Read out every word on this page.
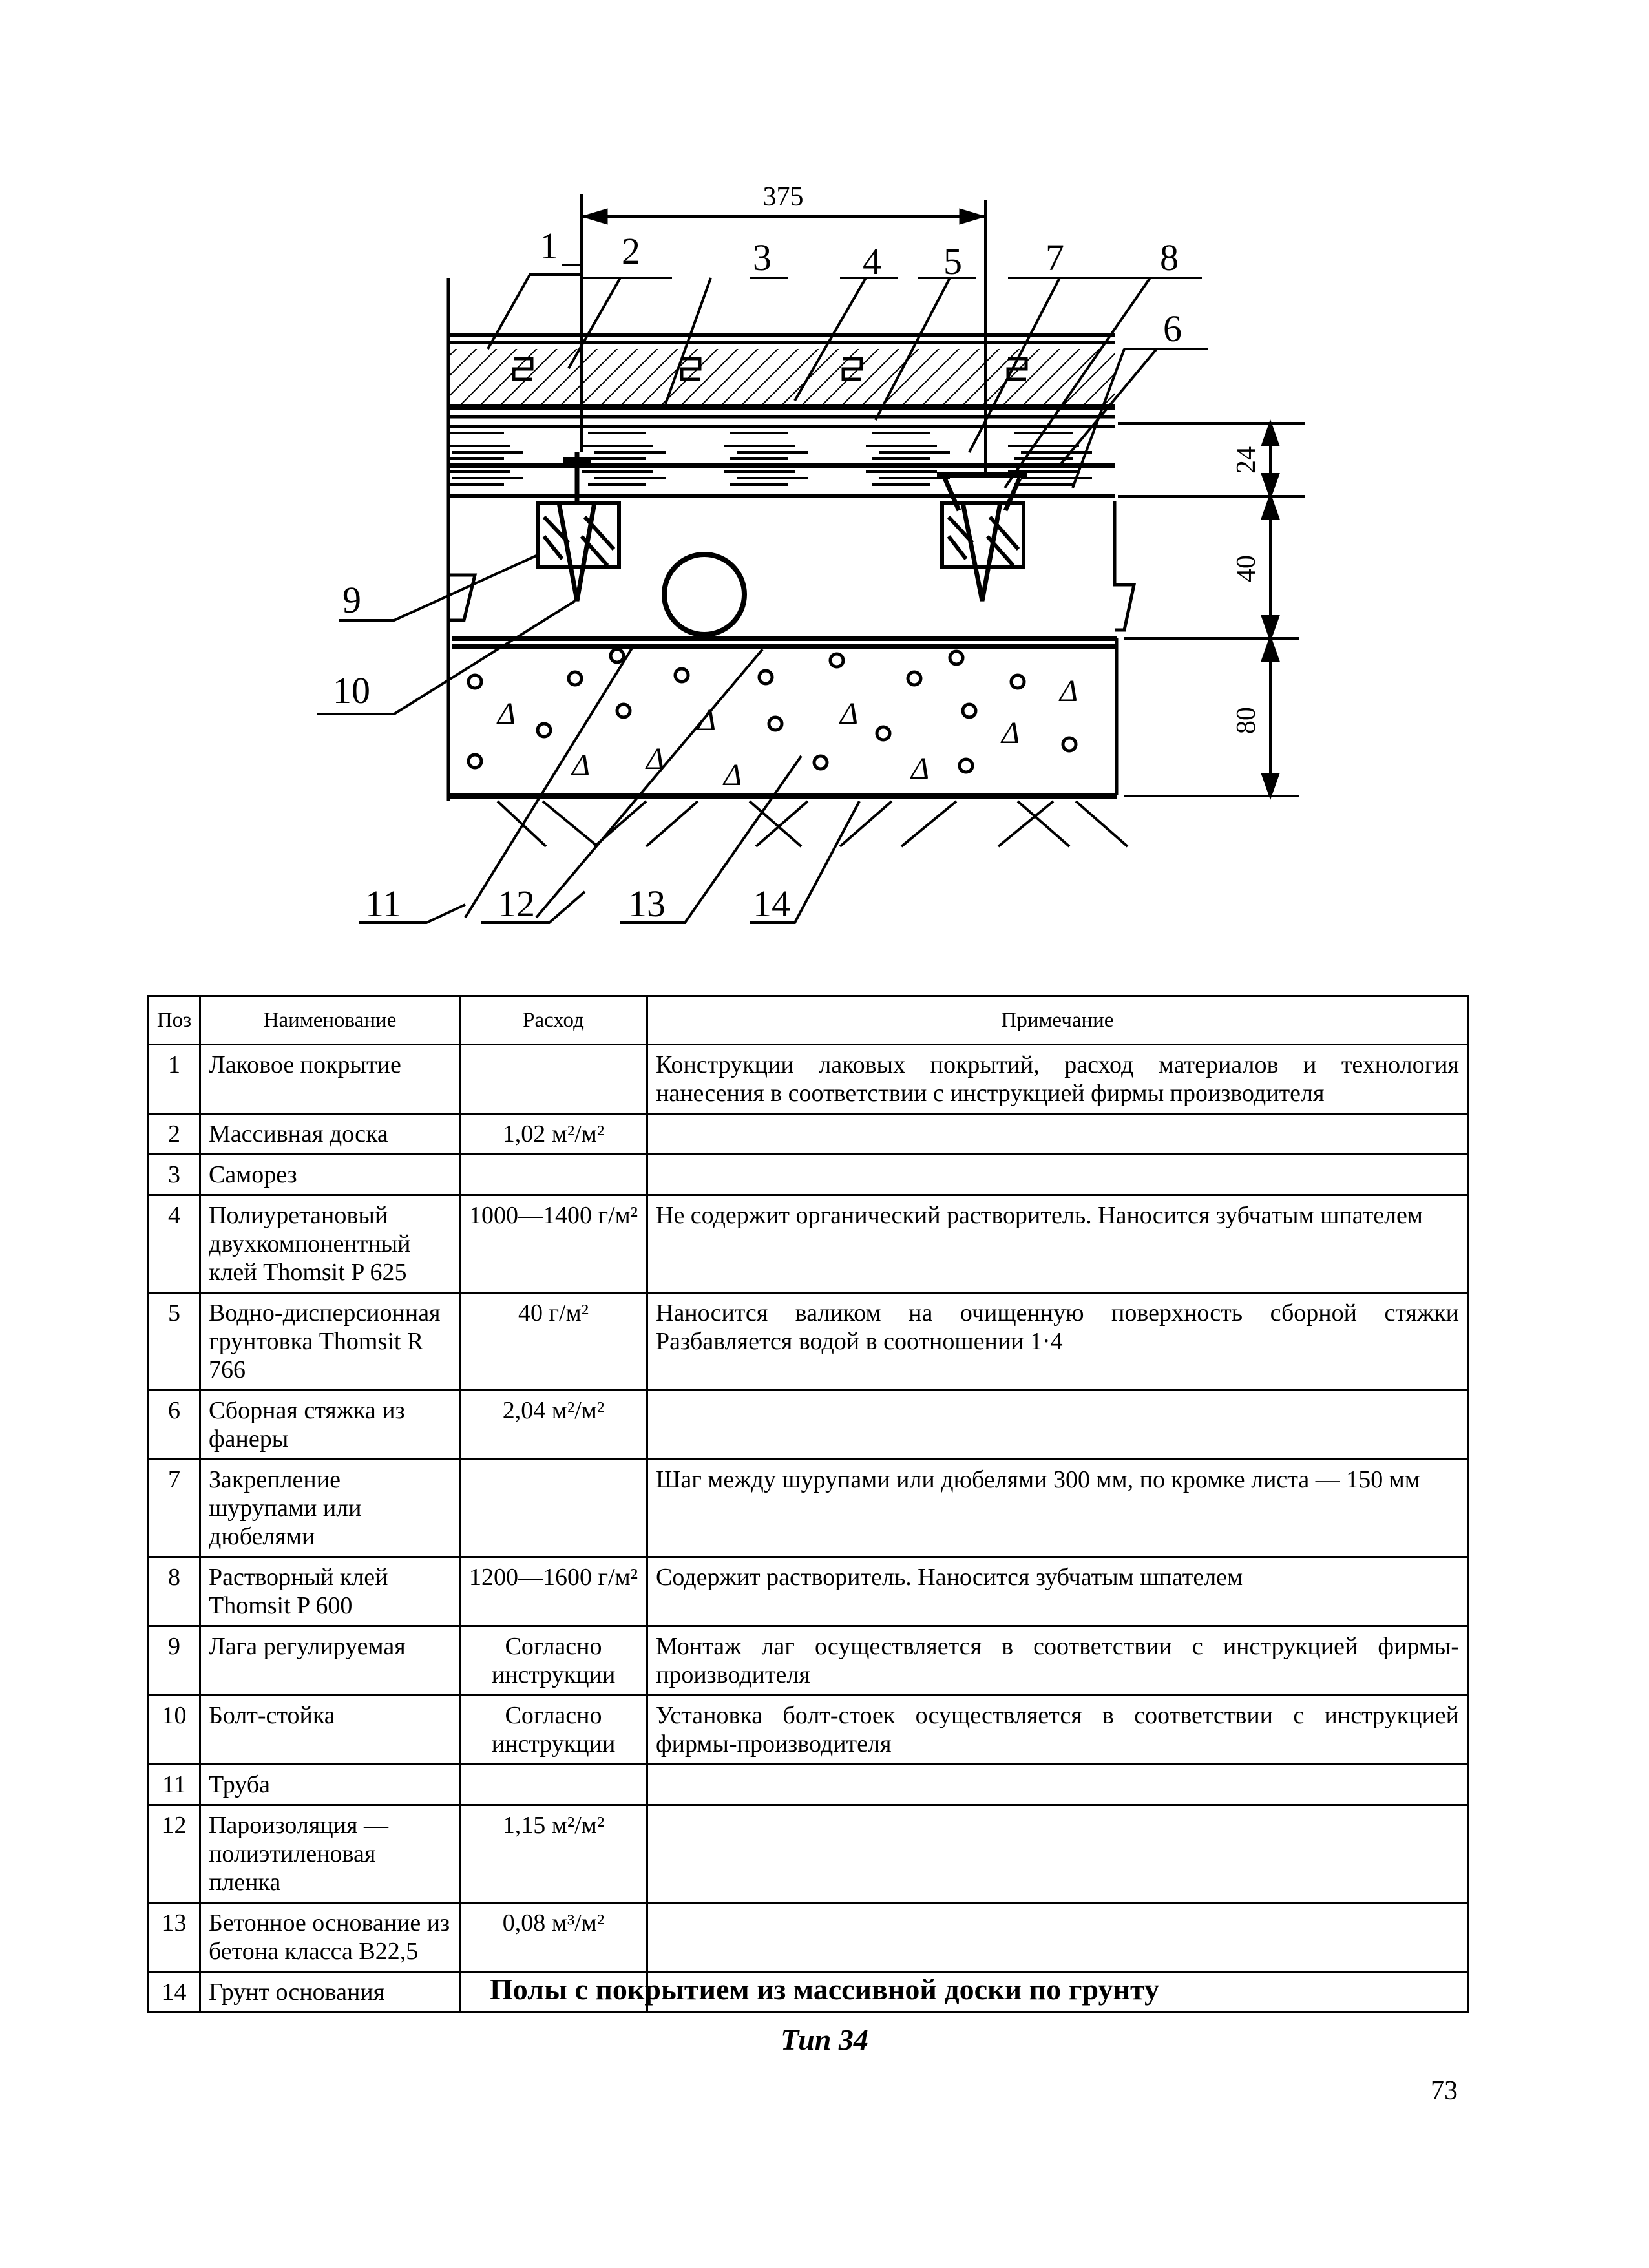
Δ
Δ Δ
Δ
Δ
Δ
Δ
Δ
Δ
375
24
40
80
1 2	3 4 5 7	8
6
9
10
11	12 13 14
Поз	Наименование	Расход	Примечание
1	Лаковое покрытие		Конструкции лаковых покрытий, расход материалов и технология нанесения в соответствии с инструкцией фирмы производителя
2	Массивная доска	1,02 м²/м²	
3	Саморез		
4	Полиуретановый двухкомпонентный клей Thomsit P 625	1000—1400 г/м²	Не содержит органический растворитель. Наносится зубчатым шпателем
5	Водно-дисперсионная грунтовка Thomsit R 766	40 г/м²	Наносится валиком на очищенную поверхность сборной стяжки Разбавляется водой в соотношении 1·4
6	Сборная стяжка из фанеры	2,04 м²/м²	
7	Закрепление шурупами или дюбелями		Шаг между шурупами или дюбелями 300 мм, по кромке листа — 150 мм
8	Растворный клей Thomsit P 600	1200—1600 г/м²	Содержит растворитель. Наносится зубчатым шпателем
9	Лага регулируемая	Согласно инструкции	Монтаж лаг осуществляется в соответствии с инструкцией фирмы-производителя
10	Болт-стойка	Согласно инструкции	Установка болт-стоек осуществляется в соответствии с инструкцией фирмы-производителя
11	Труба		
12	Пароизоляция — полиэтиленовая пленка	1,15 м²/м²	
13	Бетонное основание из бетона класса B22,5	0,08 м³/м²	
14	Грунт основания			Полы с покрытием из массивной доски по грунту
Тип 34
73
